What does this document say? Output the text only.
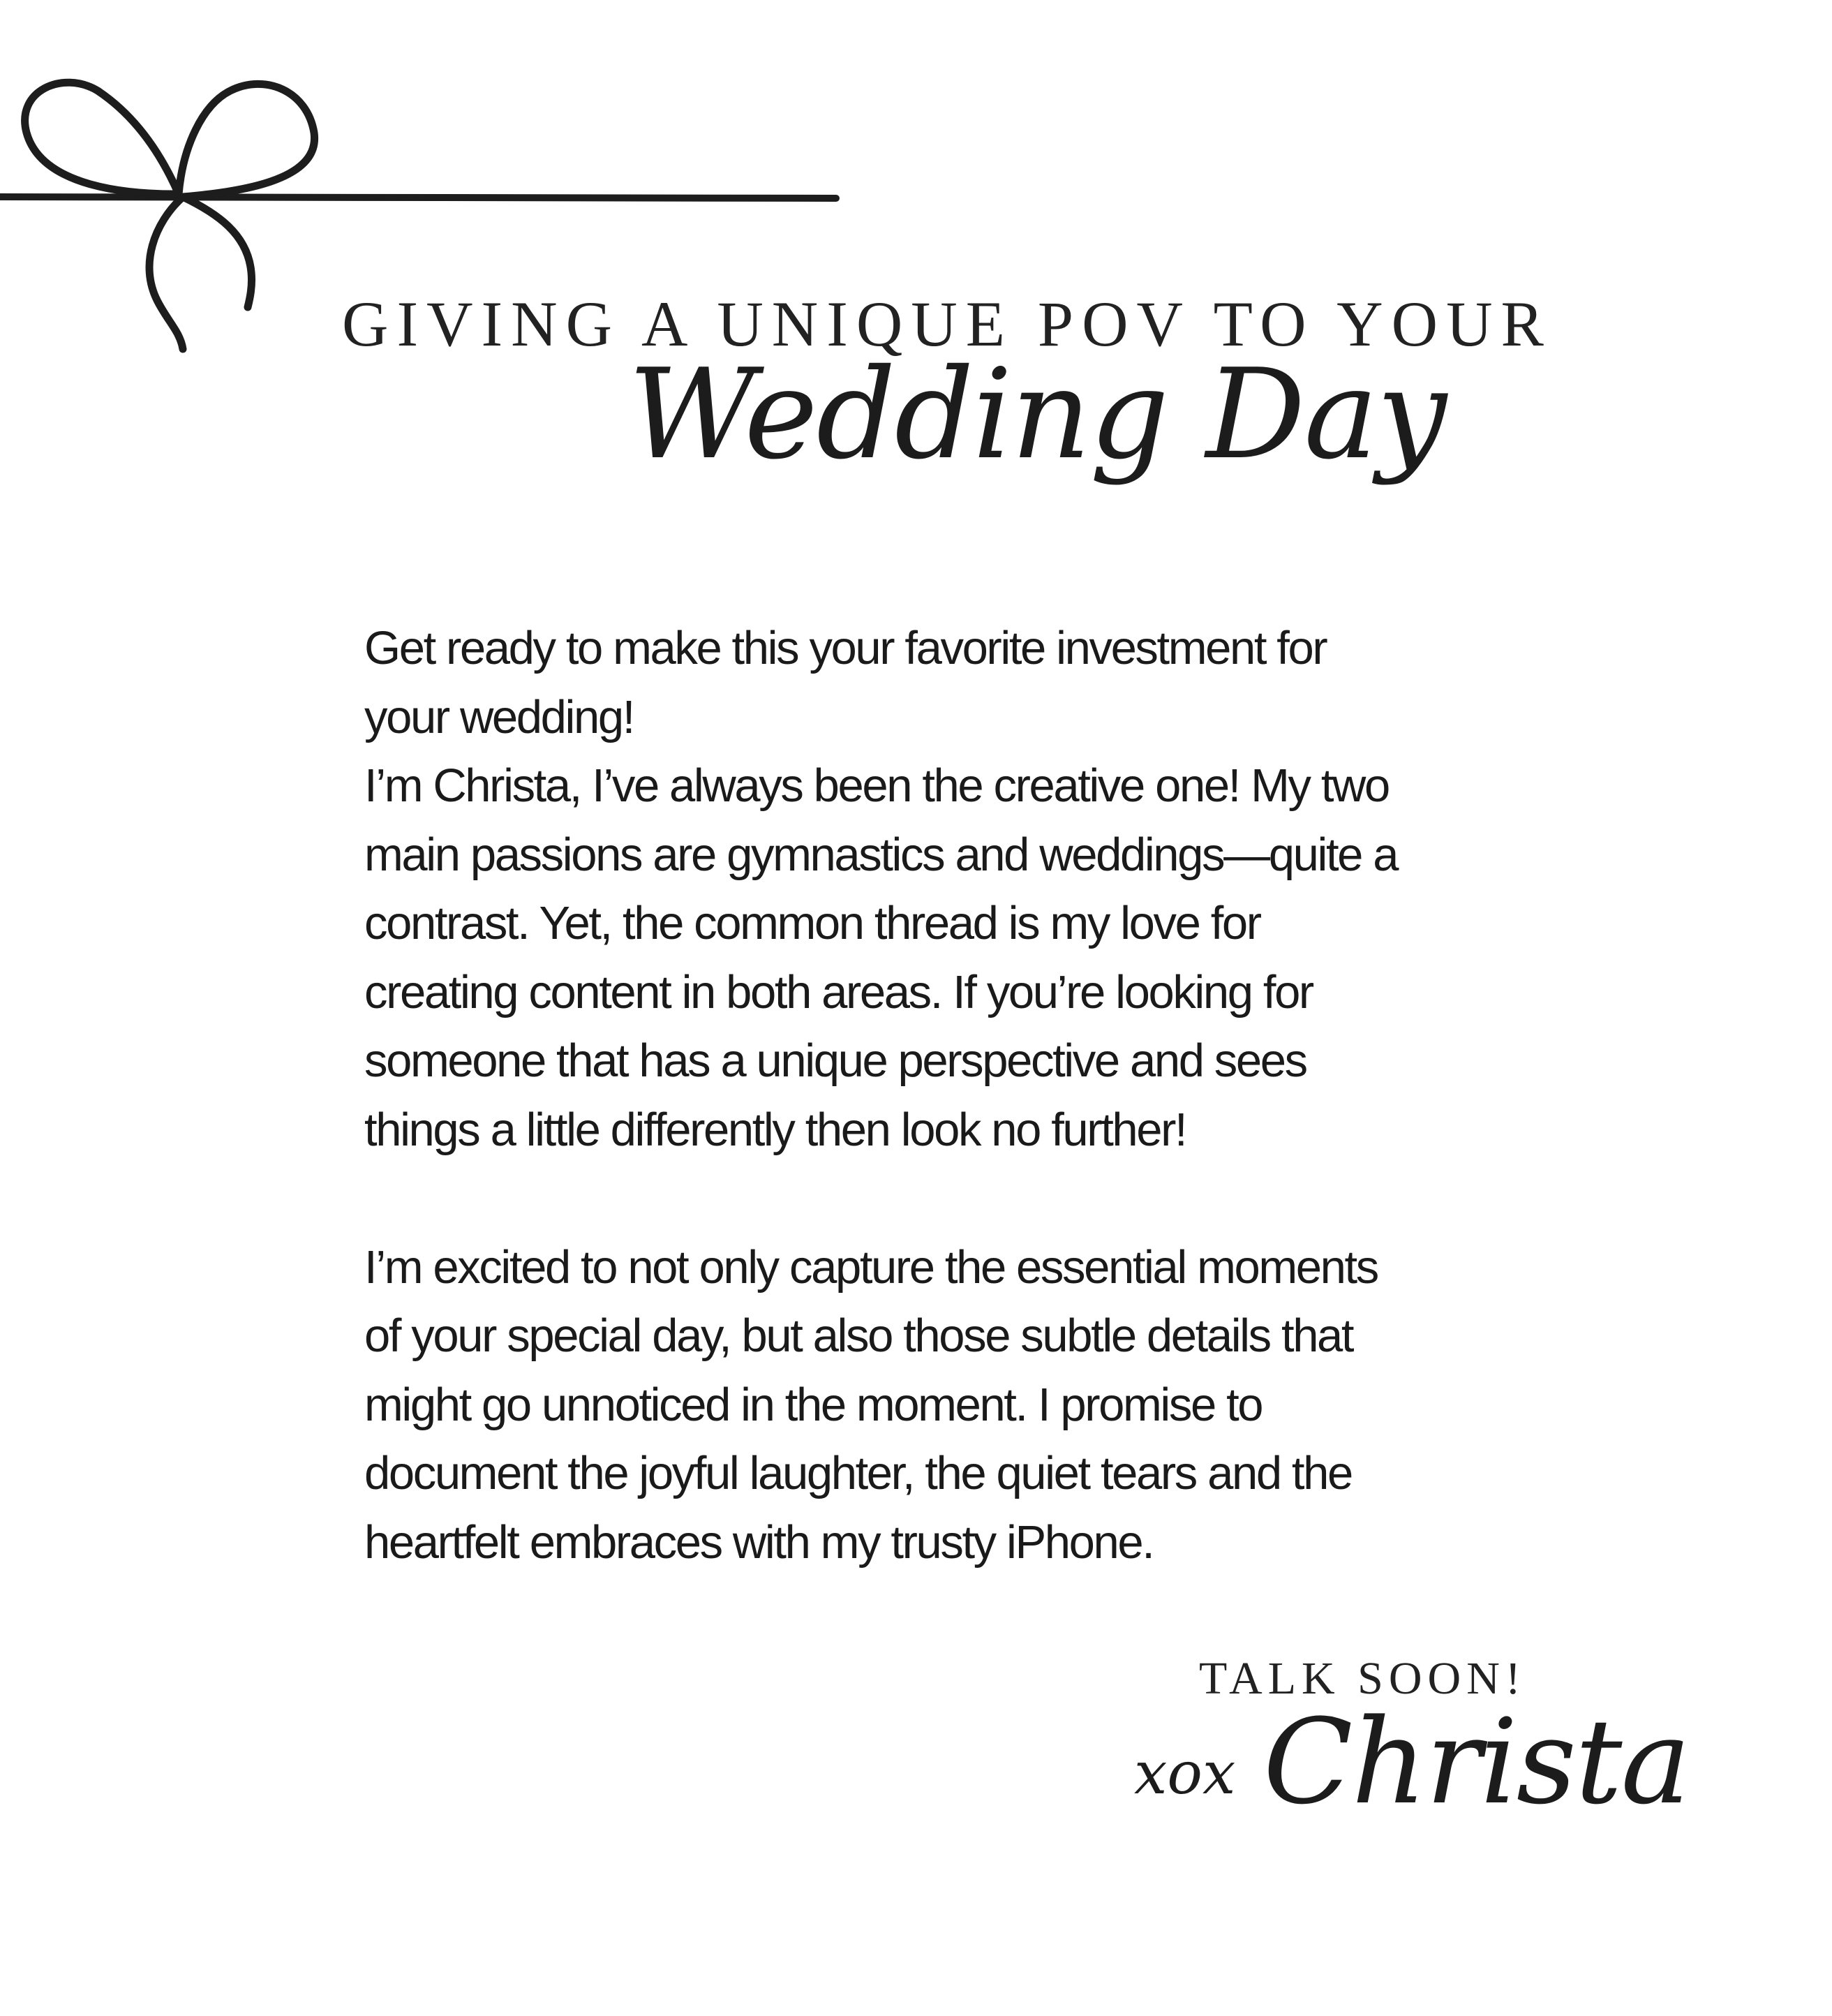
GIVING A UNIQUE POV TO YOUR
Wedding Day

Get ready to make this your favorite investment for

your wedding!

I’m Christa, I’ve always been the creative one! My two

main passions are gymnastics and weddings—quite a

contrast. Yet, the common thread is my love for

creating content in both areas. If you’re looking for

someone that has a unique perspective and sees

things a little differently then look no further!

I’m excited to not only capture the essential moments

of your special day, but also those subtle details that

might go unnoticed in the moment. I promise to

document the joyful laughter, the quiet tears and the

heartfelt embraces with my trusty iPhone.

TALK SOON!
xox Christa
